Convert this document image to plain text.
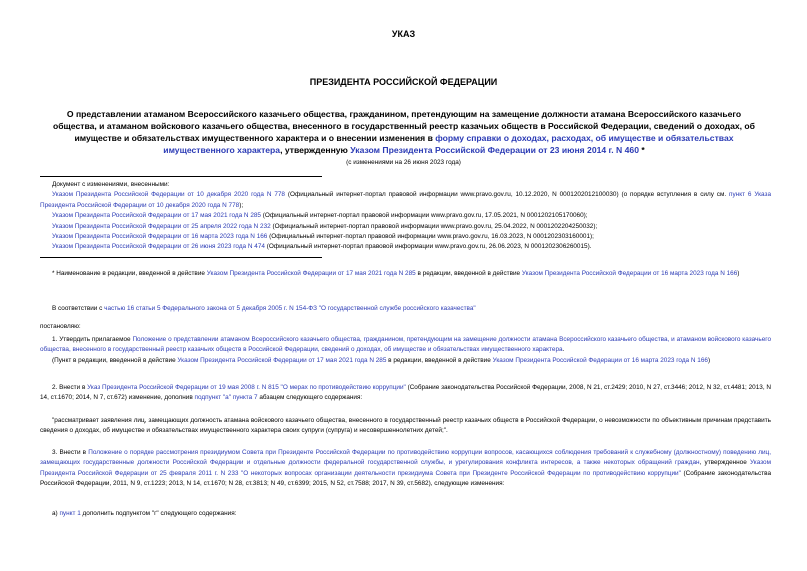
УКАЗ
ПРЕЗИДЕНТА РОССИЙСКОЙ ФЕДЕРАЦИИ
О представлении атаманом Всероссийского казачьего общества, гражданином, претендующим на замещение должности атамана Всероссийского казачьего общества, и атаманом войскового казачьего общества, внесенного в государственный реестр казачьих обществ в Российской Федерации, сведений о доходах, об имуществе и обязательствах имущественного характера и о внесении изменения в форму справки о доходах, расходах, об имуществе и обязательствах имущественного характера, утвержденную Указом Президента Российской Федерации от 23 июня 2014 г. N 460 *
(с изменениями на 26 июня 2023 года)

Документ с изменениями, внесенными:

Указом Президента Российской Федерации от 10 декабря 2020 года N 778 (Официальный интернет-портал правовой информации www.pravo.gov.ru, 10.12.2020, N 0001202012100030) (о порядке вступления в силу см. пункт 6 Указа Президента Российской Федерации от 10 декабря 2020 года N 778);

Указом Президента Российской Федерации от 17 мая 2021 года N 285 (Официальный интернет-портал правовой информации www.pravo.gov.ru, 17.05.2021, N 0001202105170060);

Указом Президента Российской Федерации от 25 апреля 2022 года N 232 (Официальный интернет-портал правовой информации www.pravo.gov.ru, 25.04.2022, N 0001202204250032);

Указом Президента Российской Федерации от 16 марта 2023 года N 166 (Официальный интернет-портал правовой информации www.pravo.gov.ru, 16.03.2023, N 0001202303160001);

Указом Президента Российской Федерации от 26 июня 2023 года N 474 (Официальный интернет-портал правовой информации www.pravo.gov.ru, 26.06.2023, N 0001202306260015).

* Наименование в редакции, введенной в действие Указом Президента Российской Федерации от 17 мая 2021 года N 285 в редакции, введенной в действие Указом Президента Российской Федерации от 16 марта 2023 года N 166)
В соответствии с частью 16 статьи 5 Федерального закона от 5 декабря 2005 г. N 154-ФЗ "О государственной службе российского казачества"
постановляю:
1. Утвердить прилагаемое Положение о представлении атаманом Всероссийского казачьего общества, гражданином, претендующим на замещение должности атамана Всероссийского казачьего общества, и атаманом войскового казачьего общества, внесенного в государственный реестр казачьих обществ в Российской Федерации, сведений о доходах, об имуществе и обязательствах имущественного характера.
(Пункт в редакции, введенной в действие Указом Президента Российской Федерации от 17 мая 2021 года N 285 в редакции, введенной в действие Указом Президента Российской Федерации от 16 марта 2023 года N 166)
2. Внести в Указ Президента Российской Федерации от 19 мая 2008 г. N 815 "О мерах по противодействию коррупции" (Собрание законодательства Российской Федерации, 2008, N 21, ст.2429; 2010, N 27, ст.3446; 2012, N 32, ст.4481; 2013, N 14, ст.1670; 2014, N 7, ст.672) изменение, дополнив подпункт "а" пункта 7 абзацем следующего содержания:
"рассматривает заявления лиц, замещающих должность атамана войскового казачьего общества, внесенного в государственный реестр казачьих обществ в Российской Федерации, о невозможности по объективным причинам представить сведения о доходах, об имуществе и обязательствах имущественного характера своих супруги (супруга) и несовершеннолетних детей;".
3. Внести в Положение о порядке рассмотрения президиумом Совета при Президенте Российской Федерации по противодействию коррупции вопросов, касающихся соблюдения требований к служебному (должностному) поведению лиц, замещающих государственные должности Российской Федерации и отдельные должности федеральной государственной службы, и урегулирования конфликта интересов, а также некоторых обращений граждан, утвержденное Указом Президента Российской Федерации от 25 февраля 2011 г. N 233 "О некоторых вопросах организации деятельности президиума Совета при Президенте Российской Федерации по противодействию коррупции" (Собрание законодательства Российской Федерации, 2011, N 9, ст.1223; 2013, N 14, ст.1670; N 28, ст.3813; N 49, ст.6399; 2015, N 52, ст.7588; 2017, N 39, ст.5682), следующие изменения:
а) пункт 1 дополнить подпунктом "г" следующего содержания:
